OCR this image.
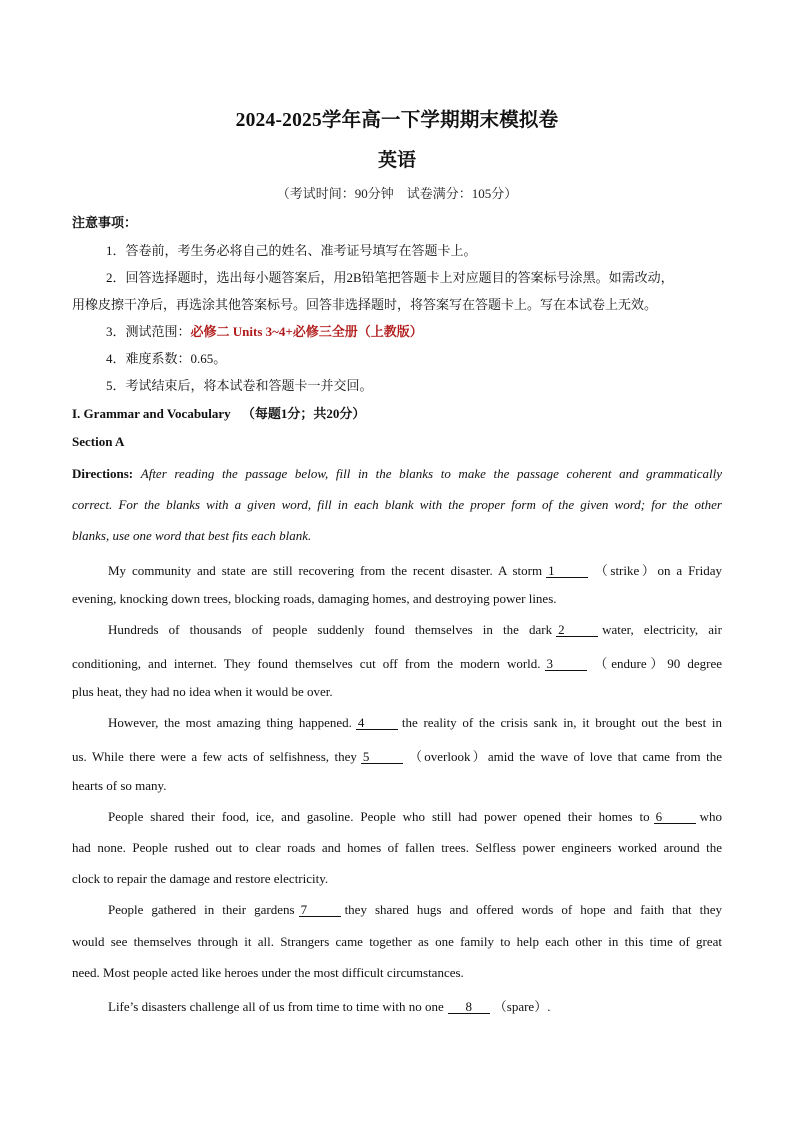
2024-2025学年高一下学期期末模拟卷
英语
（考试时间：90分钟　试卷满分：105分）
注意事项：
1．答卷前，考生务必将自己的姓名、准考证号填写在答题卡上。
2．回答选择题时，选出每小题答案后，用2B铅笔把答题卡上对应题目的答案标号涂黑。如需改动，
用橡皮擦干净后，再选涂其他答案标号。回答非选择题时，将答案写在答题卡上。写在本试卷上无效。
3．测试范围：必修二 Units 3~4+必修三全册（上教版）
4．难度系数：0.65。
5．考试结束后，将本试卷和答题卡一并交回。
I. Grammar and Vocabulary （每题1分；共20分）
Section A
Directions: After reading the passage below, fill in the blanks to make the passage coherent and grammatically
correct. For the blanks with a given word, fill in each blank with the proper form of the given word; for the other
blanks, use one word that best fits each blank.
My community and state are still recovering from the recent disaster. A storm 1	（strike）on a Friday
evening, knocking down trees, blocking roads, damaging homes, and destroying power lines.
Hundreds of thousands of people suddenly found themselves in the dark 2	water, electricity, air
conditioning, and internet. They found themselves cut off from the modern world. 3	（endure）90 degree
plus heat, they had no idea when it would be over.
However, the most amazing thing happened. 4	the reality of the crisis sank in, it brought out the best in
us. While there were a few acts of selfishness, they 5	（overlook）amid the wave of love that came from the
hearts of so many.
People shared their food, ice, and gasoline. People who still had power opened their homes to 6	who
had none. People rushed out to clear roads and homes of fallen trees. Selfless power engineers worked around the
clock to repair the damage and restore electricity.
People gathered in their gardens 7	they shared hugs and offered words of hope and faith that they
would see themselves through it all. Strangers came together as one family to help each other in this time of great
need. Most people acted like heroes under the most difficult circumstances.
Life’s disasters challenge all of us from time to time with no one 8 （spare）.
